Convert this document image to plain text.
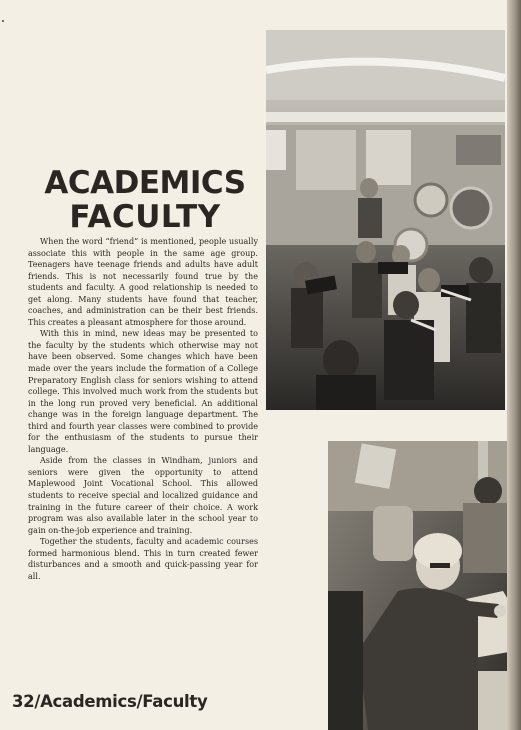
ACADEMICS
FACULTY

When the word “friend” is mentioned, people usually associate this with people in the same age group. Teenagers have teenage friends and adults have adult friends. This is not necessarily found true by the students and faculty. A good relationship is needed to get along. Many students have found that teacher, coaches, and administration can be their best friends. This creates a pleasant atmosphere for those around.

With this in mind, new ideas may be presented to the faculty by the students which otherwise may not have been observed. Some changes which have been made over the years include the formation of a College Preparatory English class for seniors wishing to attend college. This involved much work from the students but in the long run proved very beneficial. An additional change was in the foreign language department. The third and fourth year classes were combined to provide for the enthusiasm of the students to pursue their language.

Aside from the classes in Windham, juniors and seniors were given the opportunity to attend Maplewood Joint Vocational School. This allowed students to receive special and localized guidance and training in the future career of their choice. A work program was also available later in the school year to gain on-the-job experience and training.

Together the students, faculty and academic courses formed harmonious blend. This in turn created fewer disturbances and a smooth and quick-passing year for all.

32/Academics/Faculty
